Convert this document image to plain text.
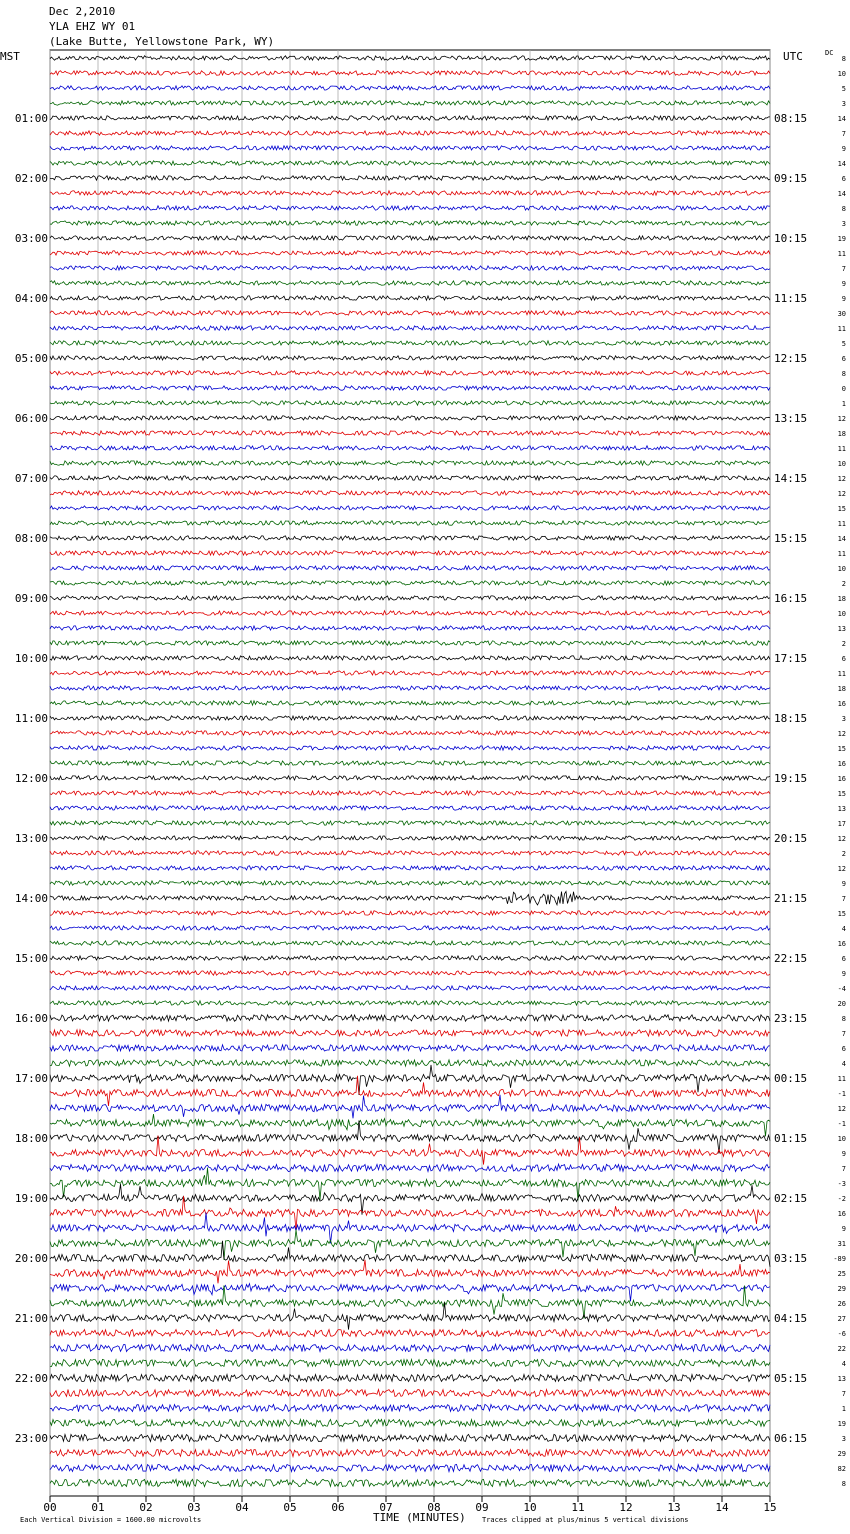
00	01	02	03	04	05	06	07	08	09	10	11	12	13	14	15
8
10
5
3
14
7
9
14
6
14
8
3
19
11
7
9
9
30
11
5
6
8
0
1
12
18
11
10
12
12
15
11
14
11
10
2
18
10
13
2
6
11
18
16
3
12
15
16
16
15
13
17
12
2
12
9
7
15
4
16
6
9
-4
20
8
7
6
4
11
-1
12
-1
10
9
7
-3
-2
16
9
31
-89
25
29
26
27
-6
22
4
13
7
1
19
3
29
82
8
01:00
02:00
03:00
04:00
05:00
06:00
07:00
08:00
09:00
10:00
11:00
12:00
13:00
14:00
15:00
16:00
17:00
18:00
19:00
20:00
21:00
22:00
23:00
08:15
09:15
10:15
11:15
12:15
13:15
14:15
15:15
16:15
17:15
18:15
19:15
20:15
21:15
22:15
23:15
00:15
01:15
02:15
03:15
04:15
05:15
06:15
Dec 2,2010
YLA EHZ WY 01
(Lake Butte, Yellowstone Park, WY)
MST	UTC	DC
TIME (MINUTES)
Each Vertical Division = 1600.00 microvolts	Traces clipped at plus/minus 5 vertical divisions
